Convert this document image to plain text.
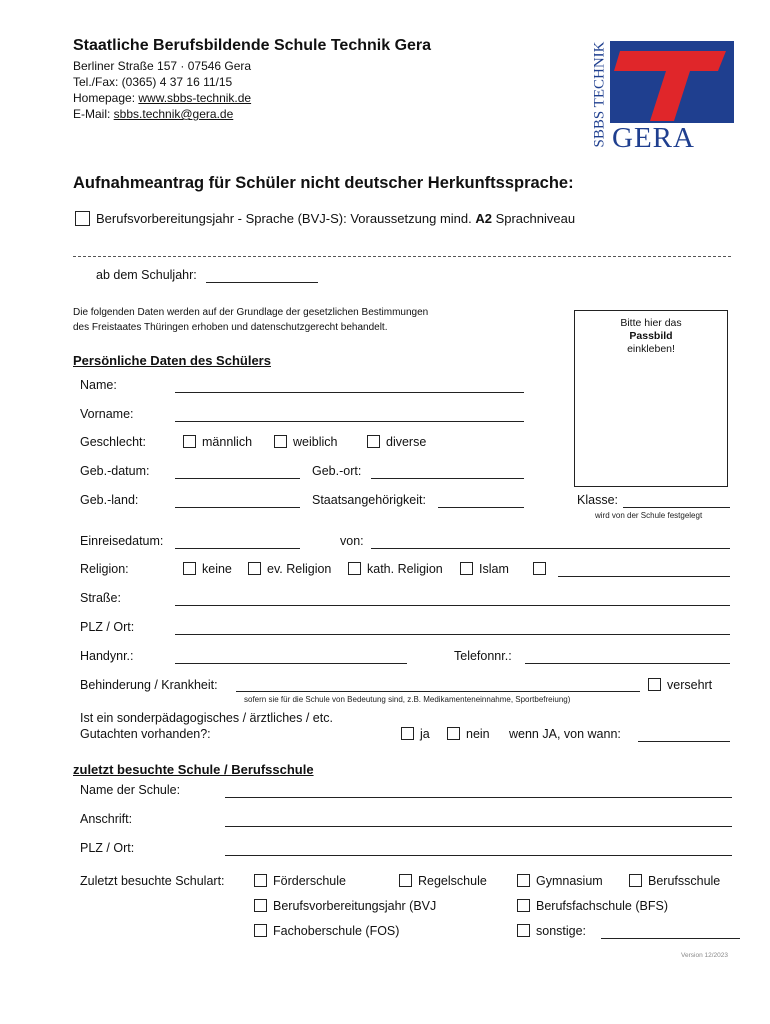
Staatliche Berufsbildende Schule Technik Gera
Berliner Straße 157 · 07546 Gera
Tel./Fax: (0365) 4 37 16 11/15
Homepage: www.sbbs-technik.de
E-Mail: sbbs.technik@gera.de	SBBS TECHNIK GERA
Aufnahmeantrag für Schüler nicht deutscher Herkunftssprache:
Berufsvorbereitungsjahr - Sprache (BVJ-S): Voraussetzung mind. A2 Sprachniveau
ab dem Schuljahr:
Die folgenden Daten werden auf der Grundlage der gesetzlichen Bestimmungen
des Freistaates Thüringen erhoben und datenschutzgerecht behandelt.	Bitte hier das
Passbild
einkleben!
Persönliche Daten des Schülers
Name:
Vorname:
Geschlecht:	männlich	weiblich	diverse
Geb.-datum:	Geb.-ort:
Geb.-land:	Staatsangehörigkeit:	Klasse:
wird von der Schule festgelegt
Einreisedatum:	von:
Religion:	keine	ev. Religion	kath. Religion	Islam
Straße:
PLZ / Ort:
Handynr.:	Telefonnr.:
Behinderung / Krankheit:	versehrt
sofern sie für die Schule von Bedeutung sind, z.B. Medikamenteneinnahme, Sportbefreiung)
Ist ein sonderpädagogisches / ärztliches / etc.
Gutachten vorhanden?:	ja	nein wenn JA, von wann:
zuletzt besuchte Schule / Berufsschule
Name der Schule:
Anschrift:
PLZ / Ort:
Zuletzt besuchte Schulart:	Förderschule	Regelschule	Gymnasium	Berufsschule
Berufsvorbereitungsjahr (BVJ	Berufsfachschule (BFS)
Fachoberschule (FOS)	sonstige:
Version 12/2023
